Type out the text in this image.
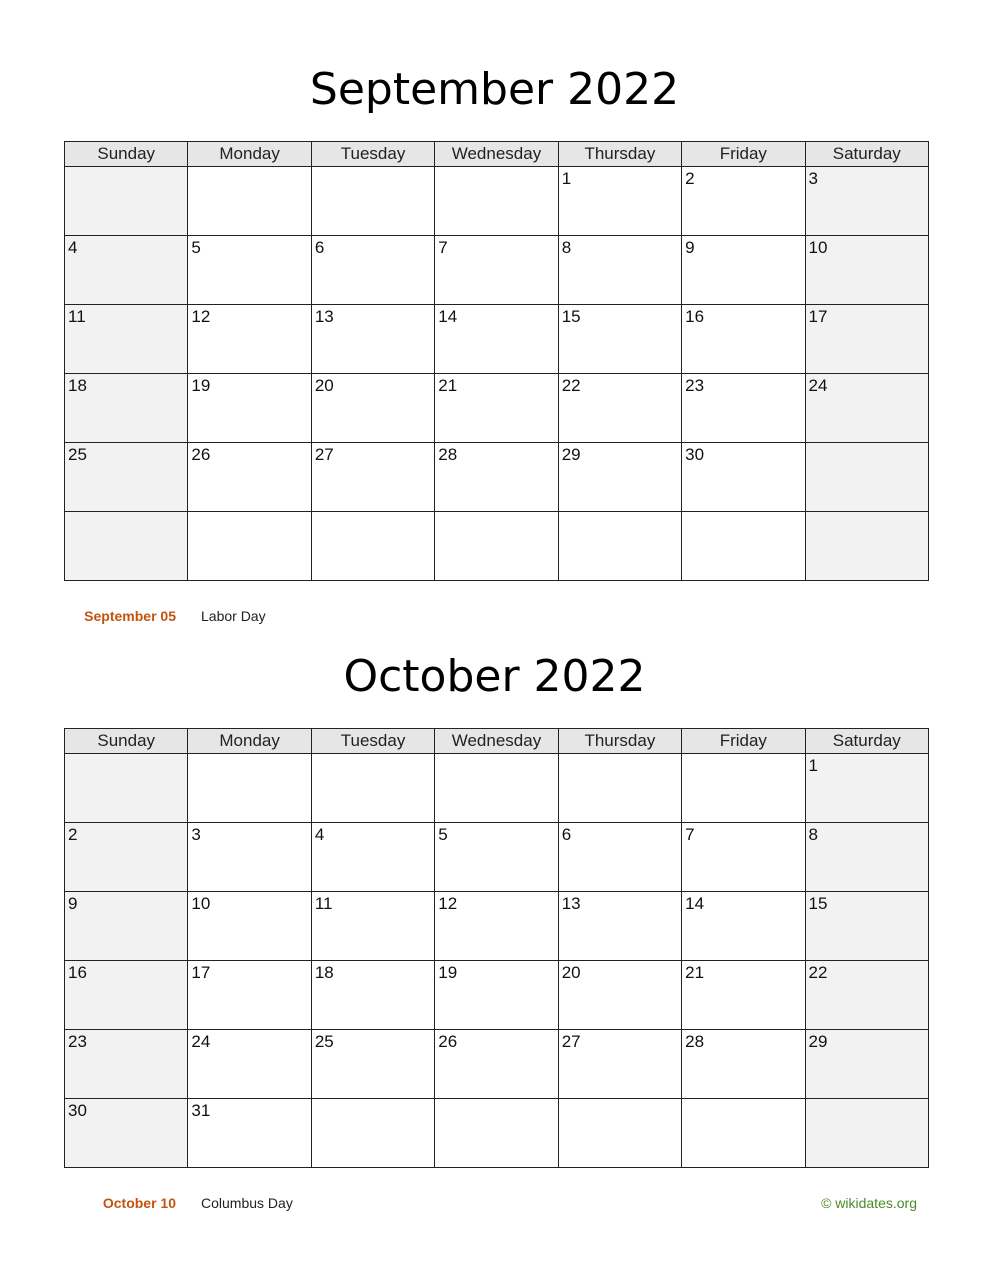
September 2022
Sunday	Monday	Tuesday	Wednesday	Thursday	Friday	Saturday

				1	2	3

4	5	6	7	8	9	10

11	12	13	14	15	16	17

18	19	20	21	22	23	24

25	26	27	28	29	30	

September 05 Labor Day
October 2022
Sunday	Monday	Tuesday	Wednesday	Thursday	Friday	Saturday

						1

2	3	4	5	6	7	8

9	10	11	12	13	14	15

16	17	18	19	20	21	22

23	24	25	26	27	28	29

30	31					

October 10 Columbus Day	© wikidates.org
